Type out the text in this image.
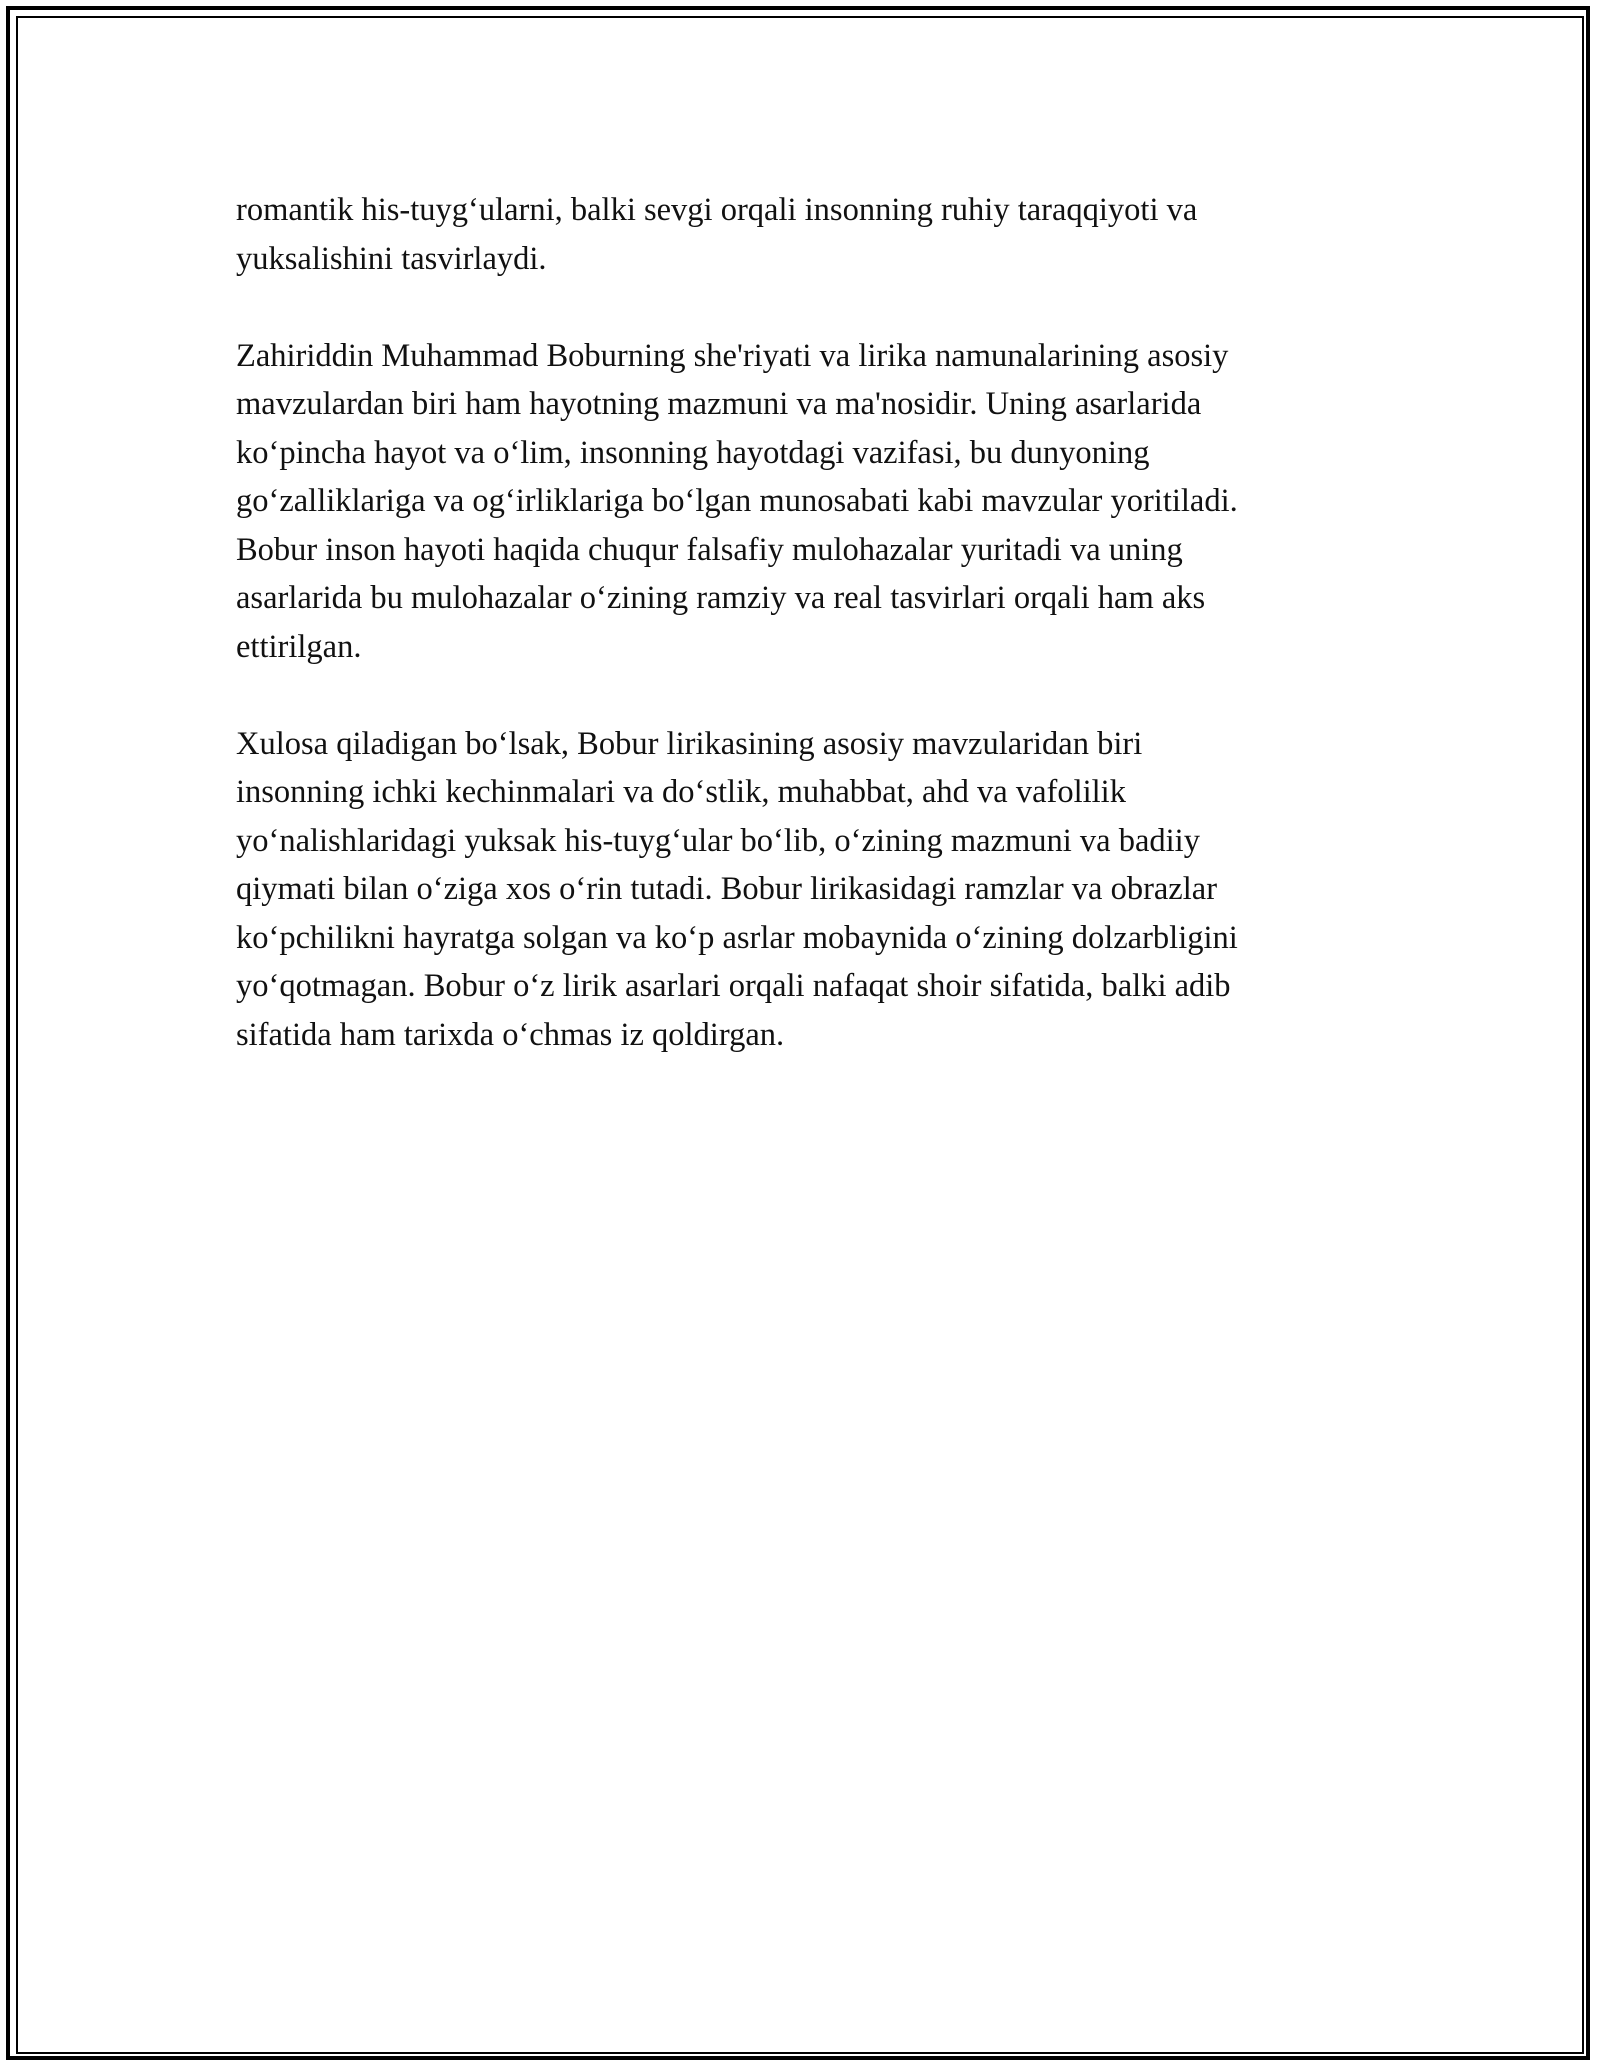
romantik his-tuyg‘ularni, balki sevgi orqali insonning ruhiy taraqqiyoti va
yuksalishini tasvirlaydi.

Zahiriddin Muhammad Boburning she'riyati va lirika namunalarining asosiy
mavzulardan biri ham hayotning mazmuni va ma'nosidir. Uning asarlarida
ko‘pincha hayot va o‘lim, insonning hayotdagi vazifasi, bu dunyoning
go‘zalliklariga va og‘irliklariga bo‘lgan munosabati kabi mavzular yoritiladi.
Bobur inson hayoti haqida chuqur falsafiy mulohazalar yuritadi va uning
asarlarida bu mulohazalar o‘zining ramziy va real tasvirlari orqali ham aks
ettirilgan.

Xulosa qiladigan bo‘lsak, Bobur lirikasining asosiy mavzularidan biri
insonning ichki kechinmalari va do‘stlik, muhabbat, ahd va vafolilik
yo‘nalishlaridagi yuksak his-tuyg‘ular bo‘lib, o‘zining mazmuni va badiiy
qiymati bilan o‘ziga xos o‘rin tutadi. Bobur lirikasidagi ramzlar va obrazlar
ko‘pchilikni hayratga solgan va ko‘p asrlar mobaynida o‘zining dolzarbligini
yo‘qotmagan. Bobur o‘z lirik asarlari orqali nafaqat shoir sifatida, balki adib
sifatida ham tarixda o‘chmas iz qoldirgan.
